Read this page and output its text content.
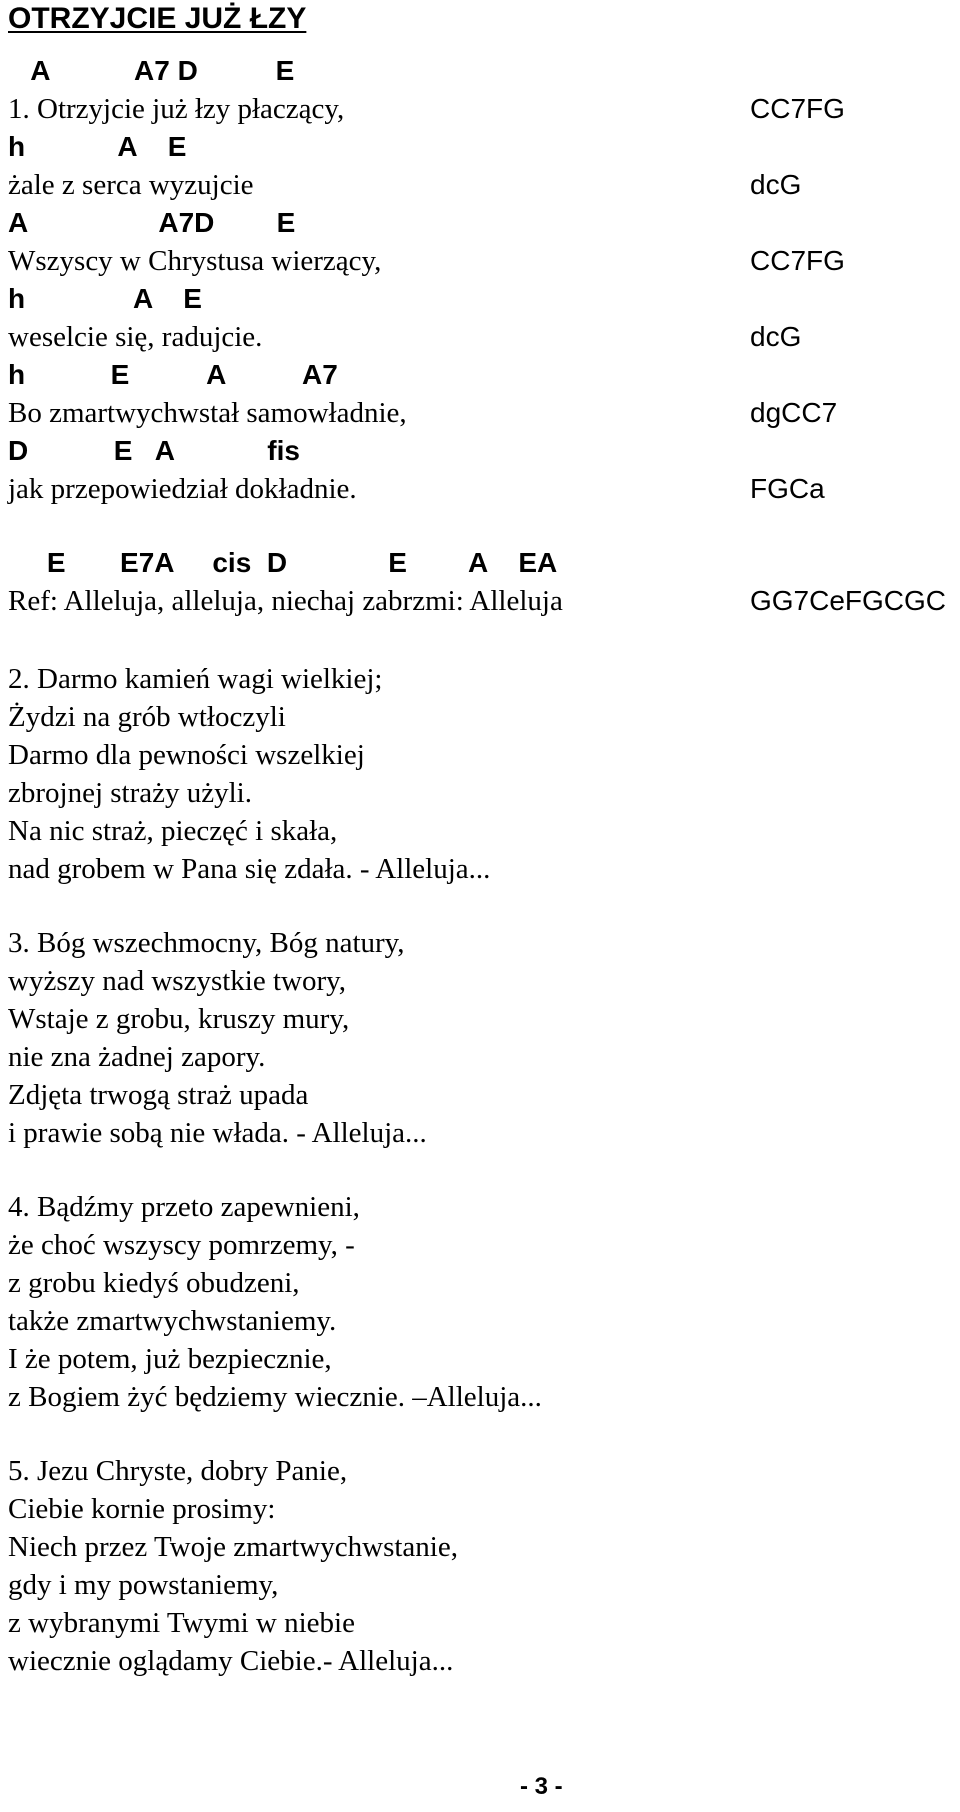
OTRZYJCIE JUŻ ŁZY
A           A7 D          E
1. Otrzyjcie już łzy płaczący,	CC7FG
h            A    E
żale z serca wyzujcie	dcG
A                 A7D        E
Wszyscy w Chrystusa wierzący,	CC7FG
h              A    E
weselcie się, radujcie.	dcG
h           E          A          A7
Bo zmartwychwstał samowładnie,	dgCC7
D           E   A            fis
jak przepowiedział dokładnie.	FGCa
E       E7A     cis  D             E        A    EA
Ref: Alleluja, alleluja, niechaj zabrzmi: Alleluja	GG7CeFGCGC
2. Darmo kamień wagi wielkiej;
Żydzi na grób wtłoczyli
Darmo dla pewności wszelkiej
zbrojnej straży użyli.
Na nic straż, pieczęć i skała,
nad grobem w Pana się zdała. - Alleluja...
3. Bóg wszechmocny, Bóg natury,
wyższy nad wszystkie twory,
Wstaje z grobu, kruszy mury,
nie zna żadnej zapory.
Zdjęta trwogą straż upada
i prawie sobą nie włada. - Alleluja...
4. Bądźmy przeto zapewnieni,
że choć wszyscy pomrzemy, -
z grobu kiedyś obudzeni,
także zmartwychwstaniemy.
I że potem, już bezpiecznie,
z Bogiem żyć będziemy wiecznie. –Alleluja...
5. Jezu Chryste, dobry Panie,
Ciebie kornie prosimy:
Niech przez Twoje zmartwychwstanie,
gdy i my powstaniemy,
z wybranymi Twymi w niebie
wiecznie oglądamy Ciebie.- Alleluja...
- 3 -
